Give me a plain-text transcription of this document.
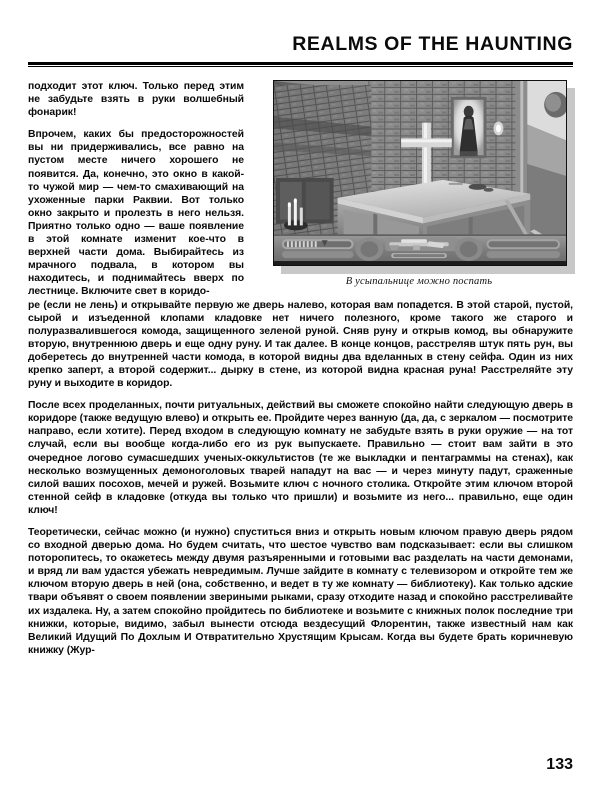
REALMS OF THE HAUNTING
В усыпальнице можно поспать

подходит этот ключ. Только перед этим не забудьте взять в руки волшебный фонарик!

Впрочем, каких бы предосторожностей вы ни придерживались, все равно на пустом месте ничего хорошего не появится. Да, конечно, это окно в какой-то чужой мир — чем-то смахивающий на ухоженные парки Раквии. Вот только окно закрыто и пролезть в него нельзя. Приятно только одно — ваше появление в этой комнате изменит кое-что в верхней части дома. Выбирайтесь из мрачного подвала, в котором вы находитесь, и поднимайтесь вверх по лестнице. Включите свет в коридо-

ре (если не лень) и открывайте первую же дверь налево, которая вам попадется. В этой старой, пустой, сырой и изъеденной клопами кладовке нет ничего полезного, кроме такого же старого и полуразвалившегося комода, защищенного зеленой руной. Сняв руну и открыв комод, вы обнаружите вторую, внутреннюю дверь и еще одну руну. И так далее. В конце концов, расстреляв штук пять рун, вы доберетесь до внутренней части комода, в которой видны два вделанных в стену сейфа. Один из них крепко заперт, а второй содержит... дырку в стене, из которой видна красная руна! Расстреляйте эту руну и выходите в коридор.

После всех проделанных, почти ритуальных, действий вы сможете спокойно найти следующую дверь в коридоре (также ведущую влево) и открыть ее. Пройдите через ванную (да, да, с зеркалом — посмотрите направо, если хотите). Перед входом в следующую комнату не забудьте взять в руки оружие — на тот случай, если вы вообще когда-либо его из рук выпускаете. Правильно — стоит вам зайти в это очередное логово сумасшедших ученых-оккультистов (те же выкладки и пентаграммы на стенах), как несколько возмущенных демоноголовых тварей нападут на вас — и через минуту падут, сраженные силой ваших посохов, мечей и ружей. Возьмите ключ с ночного столика. Откройте этим ключом второй стенной сейф в кладовке (откуда вы только что пришли) и возьмите из него... правильно, еще один ключ!

Теоретически, сейчас можно (и нужно) спуститься вниз и открыть новым ключом правую дверь рядом со входной дверью дома. Но будем считать, что шестое чувство вам подсказывает: если вы слишком поторопитесь, то окажетесь между двумя разъяренными и готовыми вас разделать на части демонами, и вряд ли вам удастся убежать невредимым. Лучше зайдите в комнату с телевизором и откройте тем же ключом вторую дверь в ней (она, собственно, и ведет в ту же комнату — библиотеку). Как только адские твари объявят о своем появлении звериными рыками, сразу отходите назад и спокойно расстреливайте их издалека. Ну, а затем спокойно пройдитесь по библиотеке и возьмите с книжных полок последние три книжки, которые, видимо, забыл вынести отсюда вездесущий Флорентин, также известный нам как Великий Идущий По Дохлым И Отвратительно Хрустящим Крысам. Когда вы будете брать коричневую книжку (Жур-

133
